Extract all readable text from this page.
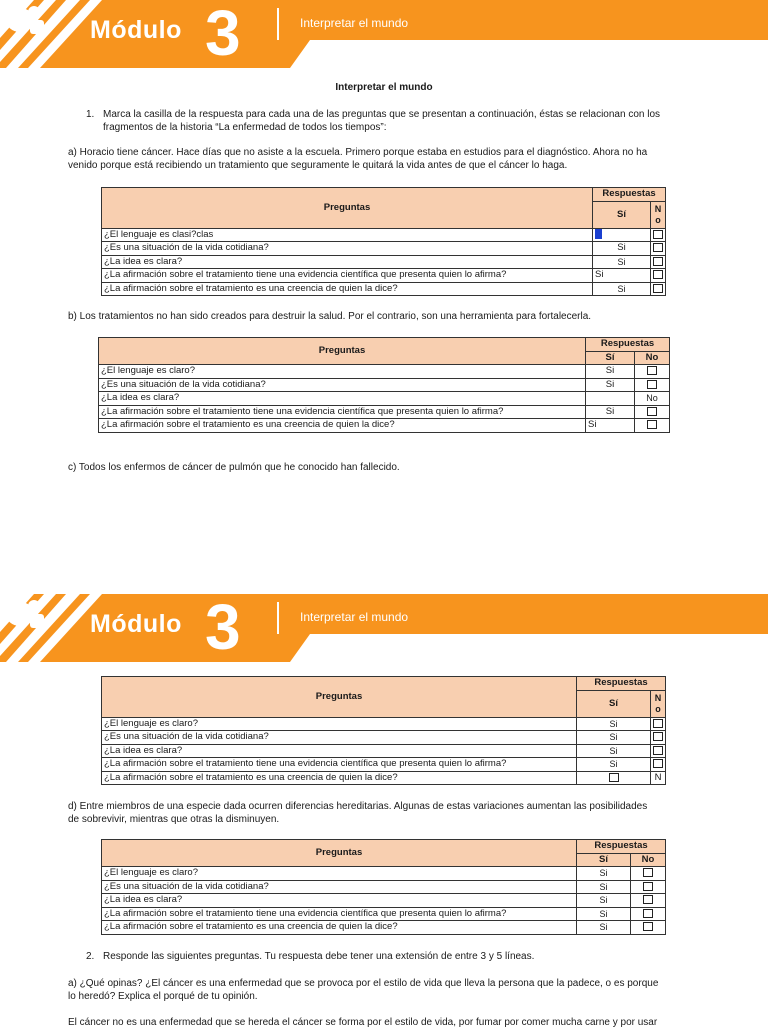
Módulo 3	Interpretar el mundo
Interpretar el mundo
1. Marca la casilla de la respuesta para cada una de las preguntas que se presentan a continuación, éstas se relacionan con los
fragmentos de la historia “La enfermedad de todos los tiempos”:
a) Horacio tiene cáncer. Hace días que no asiste a la escuela. Primero porque estaba en estudios para el diagnóstico. Ahora no ha
venido porque está recibiendo un tratamiento que seguramente le quitará la vida antes de que el cáncer lo haga.
Preguntas	Respuestas	
	Sí	N o
¿El lenguaje es clasi?clas		
¿Es una situación de la vida cotidiana?	Si	
¿La idea es clara?	Si	
¿La afirmación sobre el tratamiento tiene una evidencia científica que presenta quien lo afirma?	Si	
¿La afirmación sobre el tratamiento es una creencia de quien la dice?	Si	
b) Los tratamientos no han sido creados para destruir la salud. Por el contrario, son una herramienta para fortalecerla.
Preguntas	Respuestas	
	Sí	No
¿El lenguaje es claro?	Si	
¿Es una situación de la vida cotidiana?	Si	
¿La idea es clara?		No
¿La afirmación sobre el tratamiento tiene una evidencia científica que presenta quien lo afirma?	Si	
¿La afirmación sobre el tratamiento es una creencia de quien la dice?	Si	
c) Todos los enfermos de cáncer de pulmón que he conocido han fallecido.
Módulo 3	Interpretar el mundo
Preguntas	Respuestas	
	Sí	N o
¿El lenguaje es claro?	Si	
¿Es una situación de la vida cotidiana?	Si	
¿La idea es clara?	Si	
¿La afirmación sobre el tratamiento tiene una evidencia científica que presenta quien lo afirma?	Si	
¿La afirmación sobre el tratamiento es una creencia de quien la dice?		N
d) Entre miembros de una especie dada ocurren diferencias hereditarias. Algunas de estas variaciones aumentan las posibilidades
de sobrevivir, mientras que otras la disminuyen.
Preguntas	Respuestas	
	Sí	No
¿El lenguaje es claro?	Si	
¿Es una situación de la vida cotidiana?	Si	
¿La idea es clara?	Si	
¿La afirmación sobre el tratamiento tiene una evidencia científica que presenta quien lo afirma?	Si	
¿La afirmación sobre el tratamiento es una creencia de quien la dice?	Si	
2. Responde las siguientes preguntas. Tu respuesta debe tener una extensión de entre 3 y 5 líneas.
a) ¿Qué opinas? ¿El cáncer es una enfermedad que se provoca por el estilo de vida que lleva la persona que la padece, o es porque
lo heredó? Explica el porqué de tu opinión.
El cáncer no es una enfermedad que se hereda el cáncer se forma por el estilo de vida, por fumar por comer mucha carne y por usar
